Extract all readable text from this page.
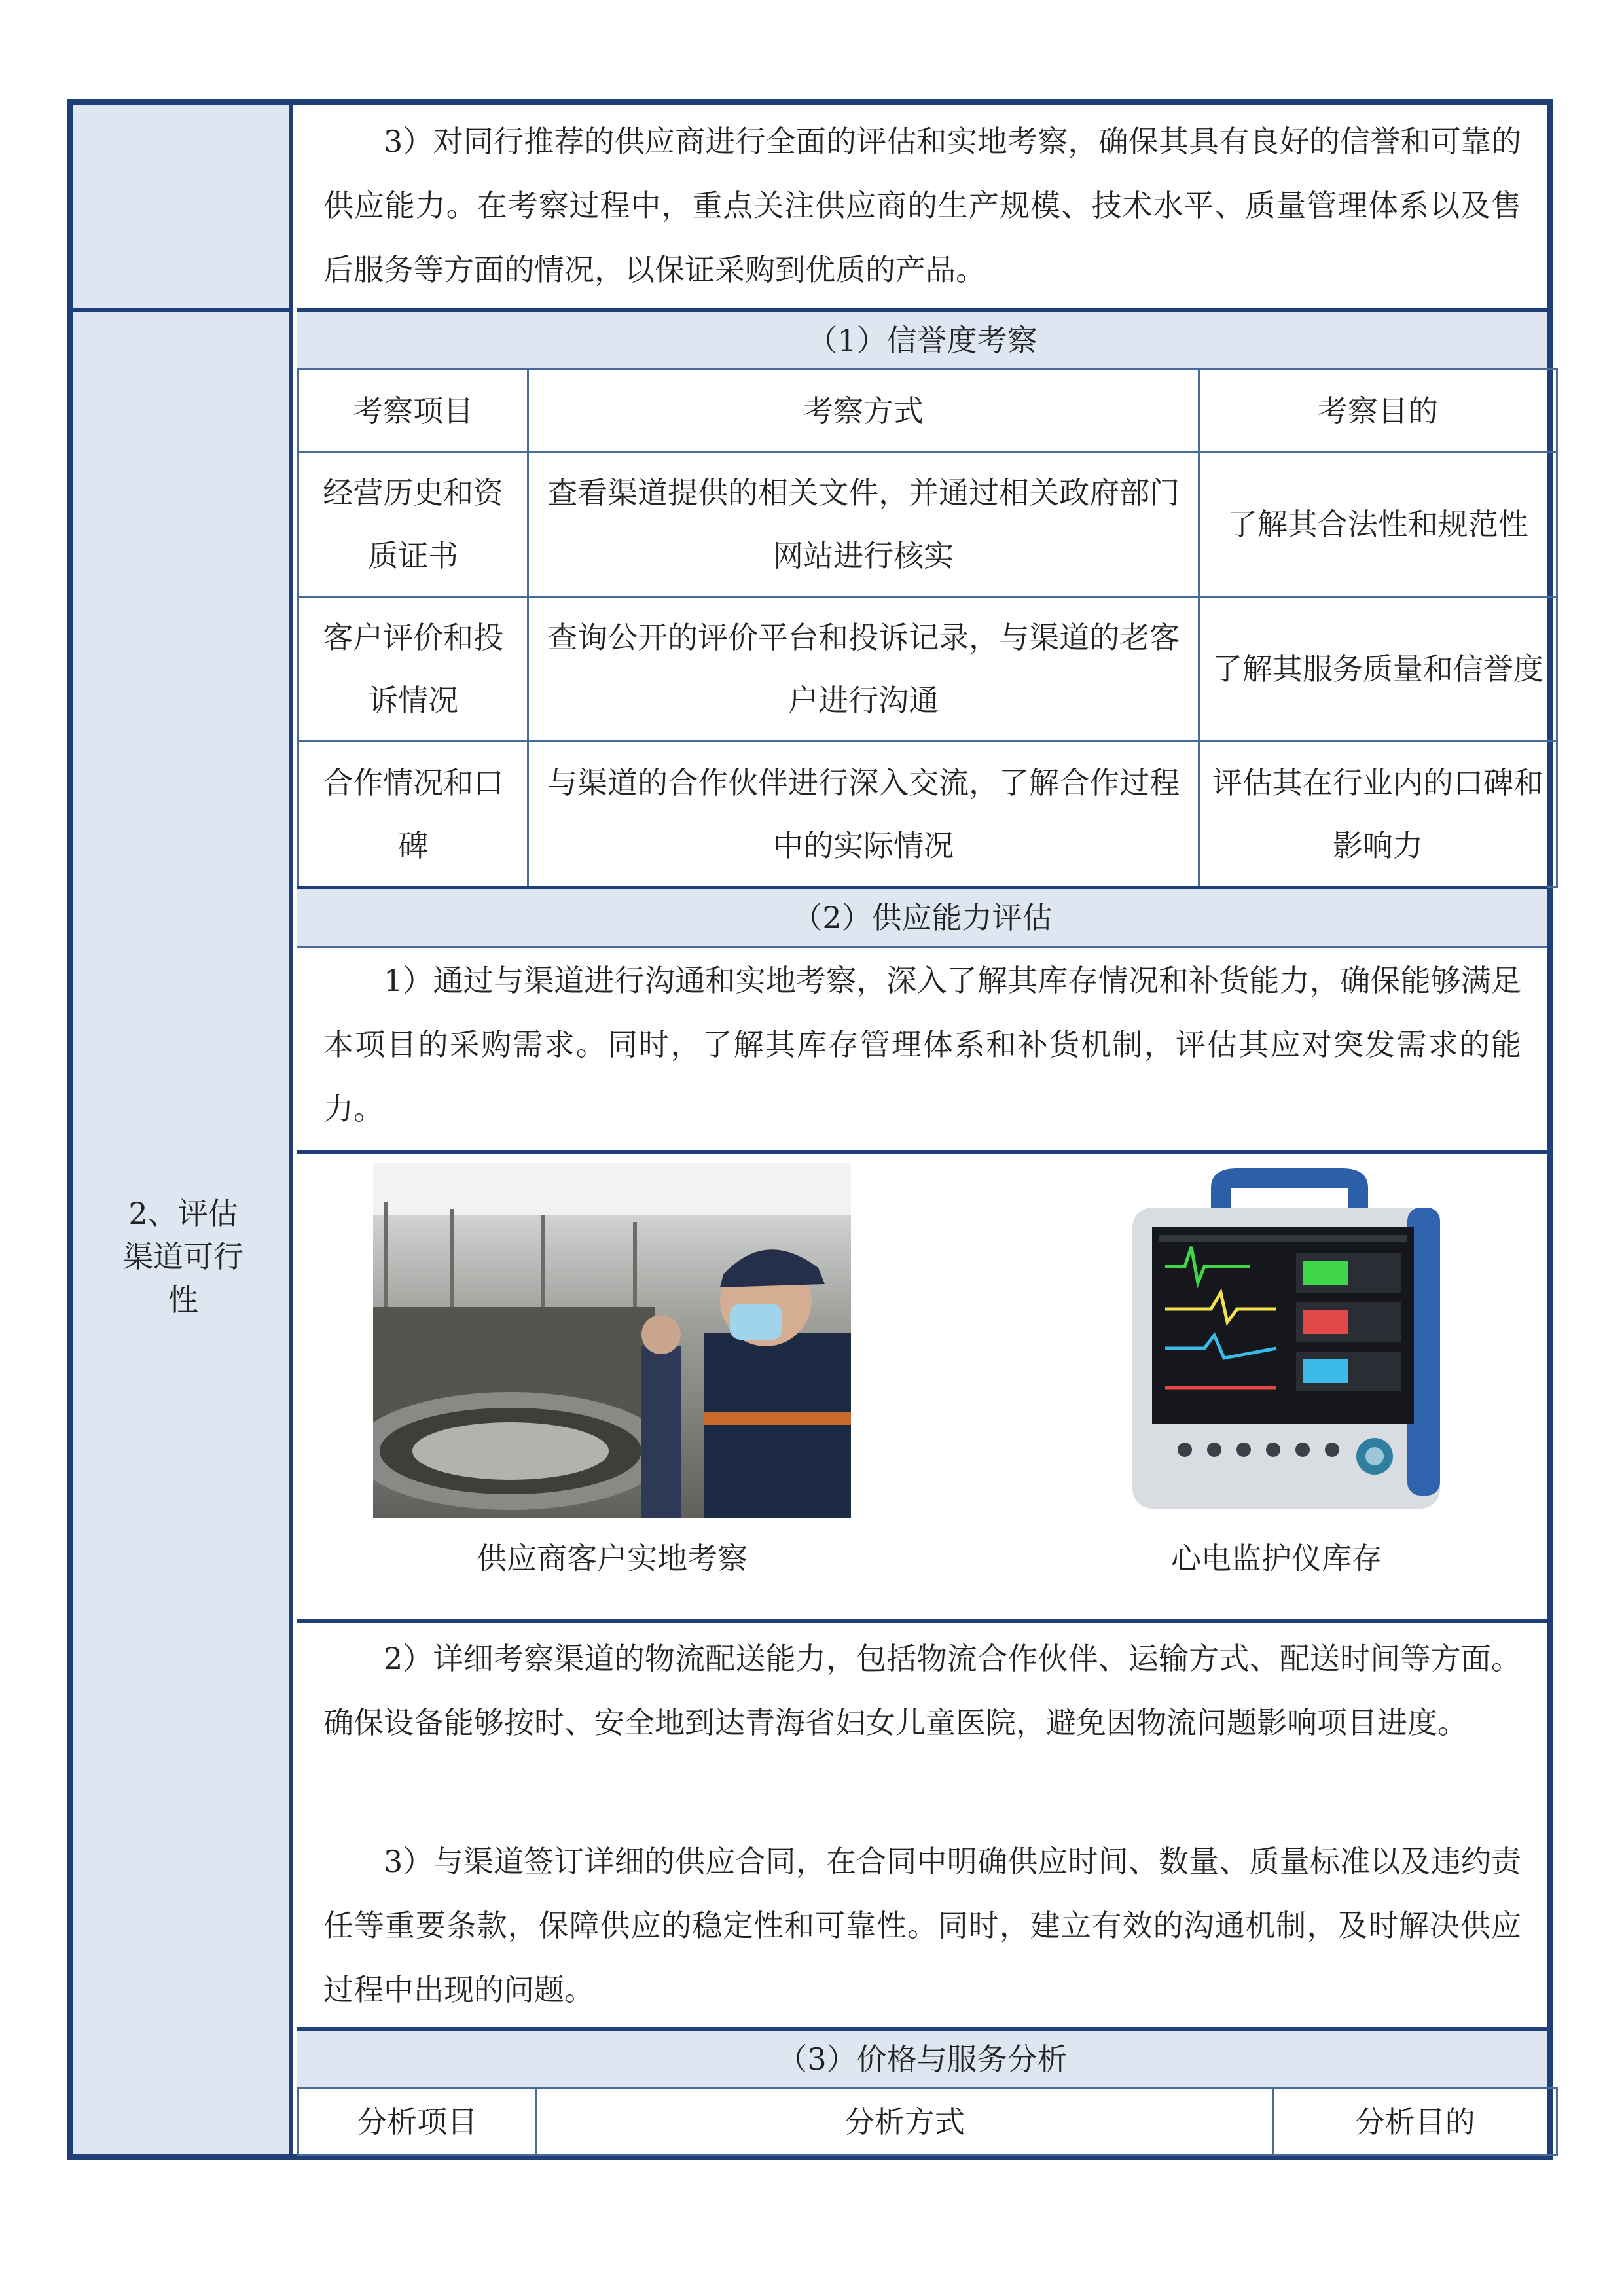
2、评估渠道可行性
3）对同行推荐的供应商进行全面的评估和实地考察，确保其具有良好的信誉和可靠的供应能力。在考察过程中，重点关注供应商的生产规模、技术水平、质量管理体系以及售后服务等方面的情况，以保证采购到优质的产品。
（1）信誉度考察
考察项目	考察方式	考察目的
经营历史和资质证书	查看渠道提供的相关文件，并通过相关政府部门网站进行核实	了解其合法性和规范性
客户评价和投诉情况	查询公开的评价平台和投诉记录，与渠道的老客户进行沟通	了解其服务质量和信誉度
合作情况和口碑	与渠道的合作伙伴进行深入交流，了解合作过程中的实际情况	评估其在行业内的口碑和影响力
（2）供应能力评估
1）通过与渠道进行沟通和实地考察，深入了解其库存情况和补货能力，确保能够满足本项目的采购需求。同时，了解其库存管理体系和补货机制，评估其应对突发需求的能力。
供应商客户实地考察	心电监护仪库存
2）详细考察渠道的物流配送能力，包括物流合作伙伴、运输方式、配送时间等方面。确保设备能够按时、安全地到达青海省妇女儿童医院，避免因物流问题影响项目进度。
3）与渠道签订详细的供应合同，在合同中明确供应时间、数量、质量标准以及违约责任等重要条款，保障供应的稳定性和可靠性。同时，建立有效的沟通机制，及时解决供应过程中出现的问题。
（3）价格与服务分析
分析项目	分析方式	分析目的
